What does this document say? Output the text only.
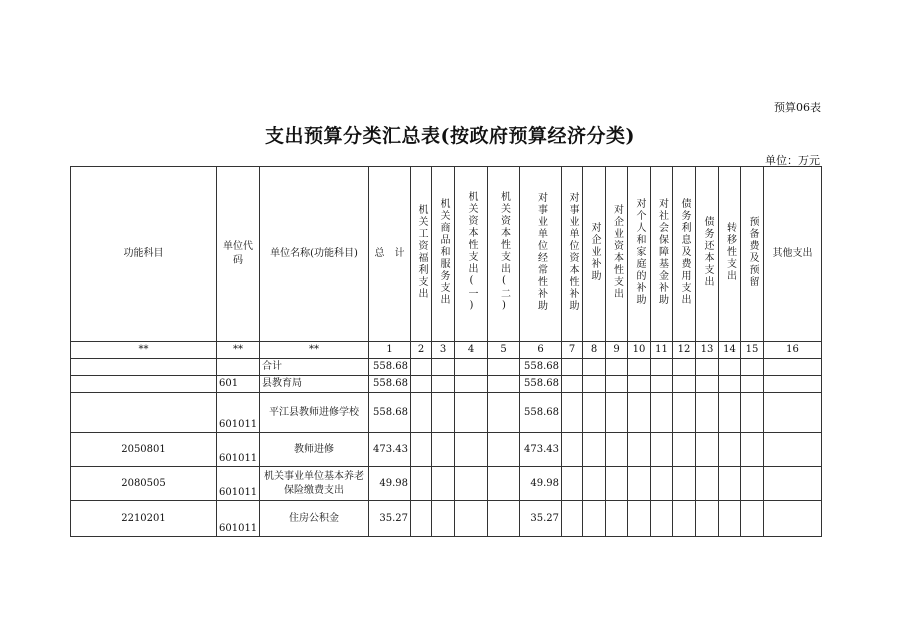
预算06表
支出预算分类汇总表(按政府预算经济分类)
单位：万元
功能科目	单位代码	单位名称(功能科目)	总　计	机关工资福利支出	机关商品和服务支出	机关资本性支出(一)	机关资本性支出(二)	对事业单位经常性补助	对事业单位资本性补助	对企业补助	对企业资本性支出	对个人和家庭的补助	对社会保障基金补助	债务利息及费用支出	债务还本支出	转移性支出	预备费及预留	其他支出
**	**	**	1	2	3	4	5	6	7	8	9	10	11	12	13	14	15	16
		合计	558.68					558.68										
	601	县教育局	558.68					558.68										
	601011	平江县教师进修学校	558.68					558.68										
2050801	601011	教师进修	473.43					473.43										
2080505	601011	机关事业单位基本养老保险缴费支出	49.98					49.98										
2210201	601011	住房公积金	35.27					35.27										
